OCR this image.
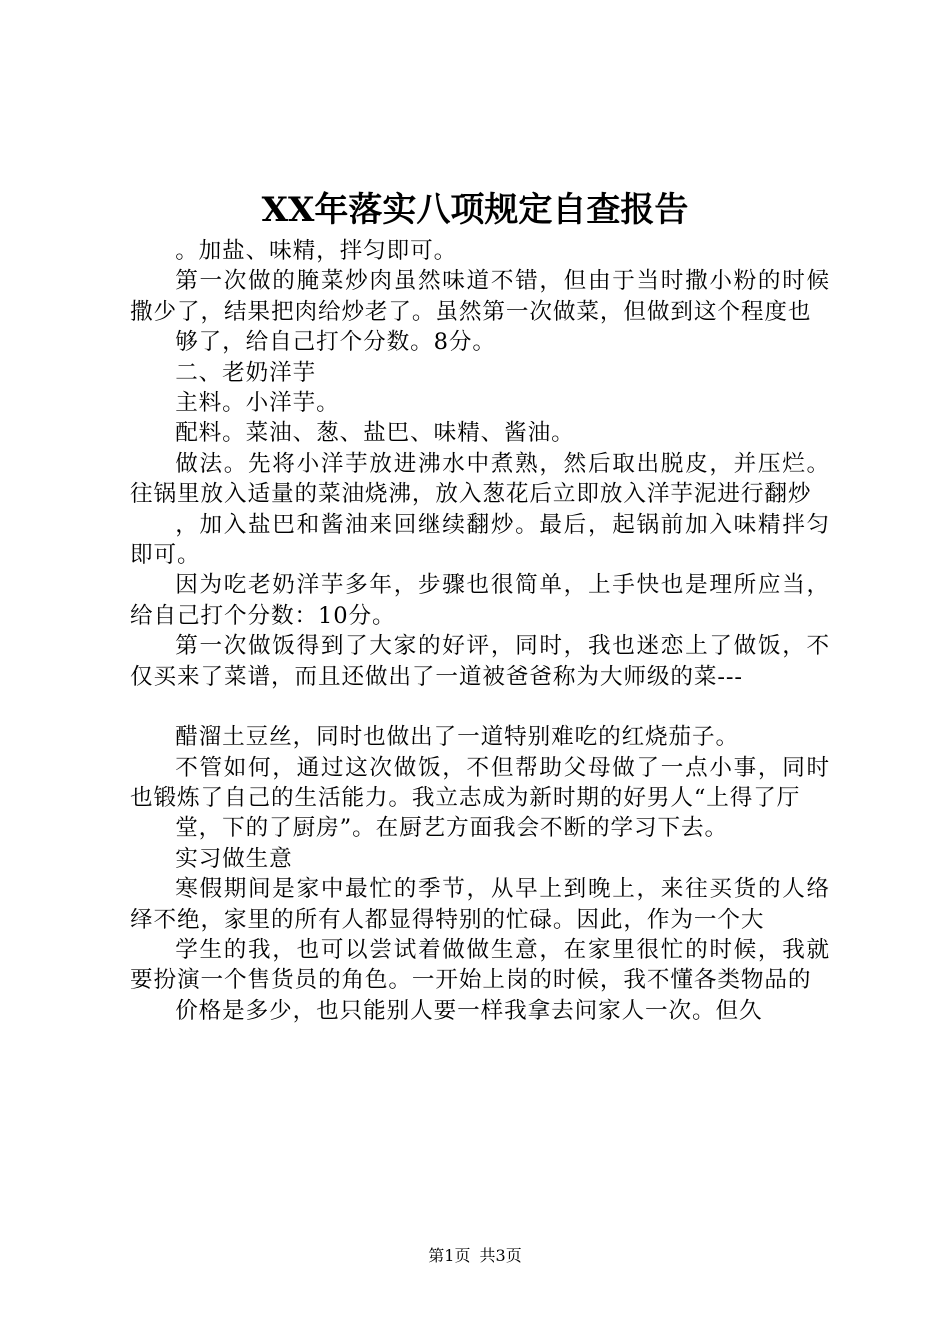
XX年落实八项规定自查报告

。加盐、味精，拌匀即可。

第一次做的腌菜炒肉虽然味道不错，但由于当时撒小粉的时候撒少了，结果把肉给炒老了。虽然第一次做菜，但做到这个程度也

够了，给自己打个分数。8分。

二、老奶洋芋

主料。小洋芋。

配料。菜油、葱、盐巴、味精、酱油。

做法。先将小洋芋放进沸水中煮熟，然后取出脱皮，并压烂。往锅里放入适量的菜油烧沸，放入葱花后立即放入洋芋泥进行翻炒

，加入盐巴和酱油来回继续翻炒。最后，起锅前加入味精拌匀即可。

因为吃老奶洋芋多年，步骤也很简单，上手快也是理所应当，给自己打个分数：10分。

第一次做饭得到了大家的好评，同时，我也迷恋上了做饭，不仅买来了菜谱，而且还做出了一道被爸爸称为大师级的菜---

醋溜土豆丝，同时也做出了一道特别难吃的红烧茄子。

不管如何，通过这次做饭，不但帮助父母做了一点小事，同时也锻炼了自己的生活能力。我立志成为新时期的好男人“上得了厅

堂，下的了厨房”。在厨艺方面我会不断的学习下去。

实习做生意

寒假期间是家中最忙的季节，从早上到晚上，来往买货的人络绎不绝，家里的所有人都显得特别的忙碌。因此，作为一个大

学生的我，也可以尝试着做做生意，在家里很忙的时候，我就要扮演一个售货员的角色。一开始上岗的时候，我不懂各类物品的

价格是多少，也只能别人要一样我拿去问家人一次。但久

第1页 共3页
